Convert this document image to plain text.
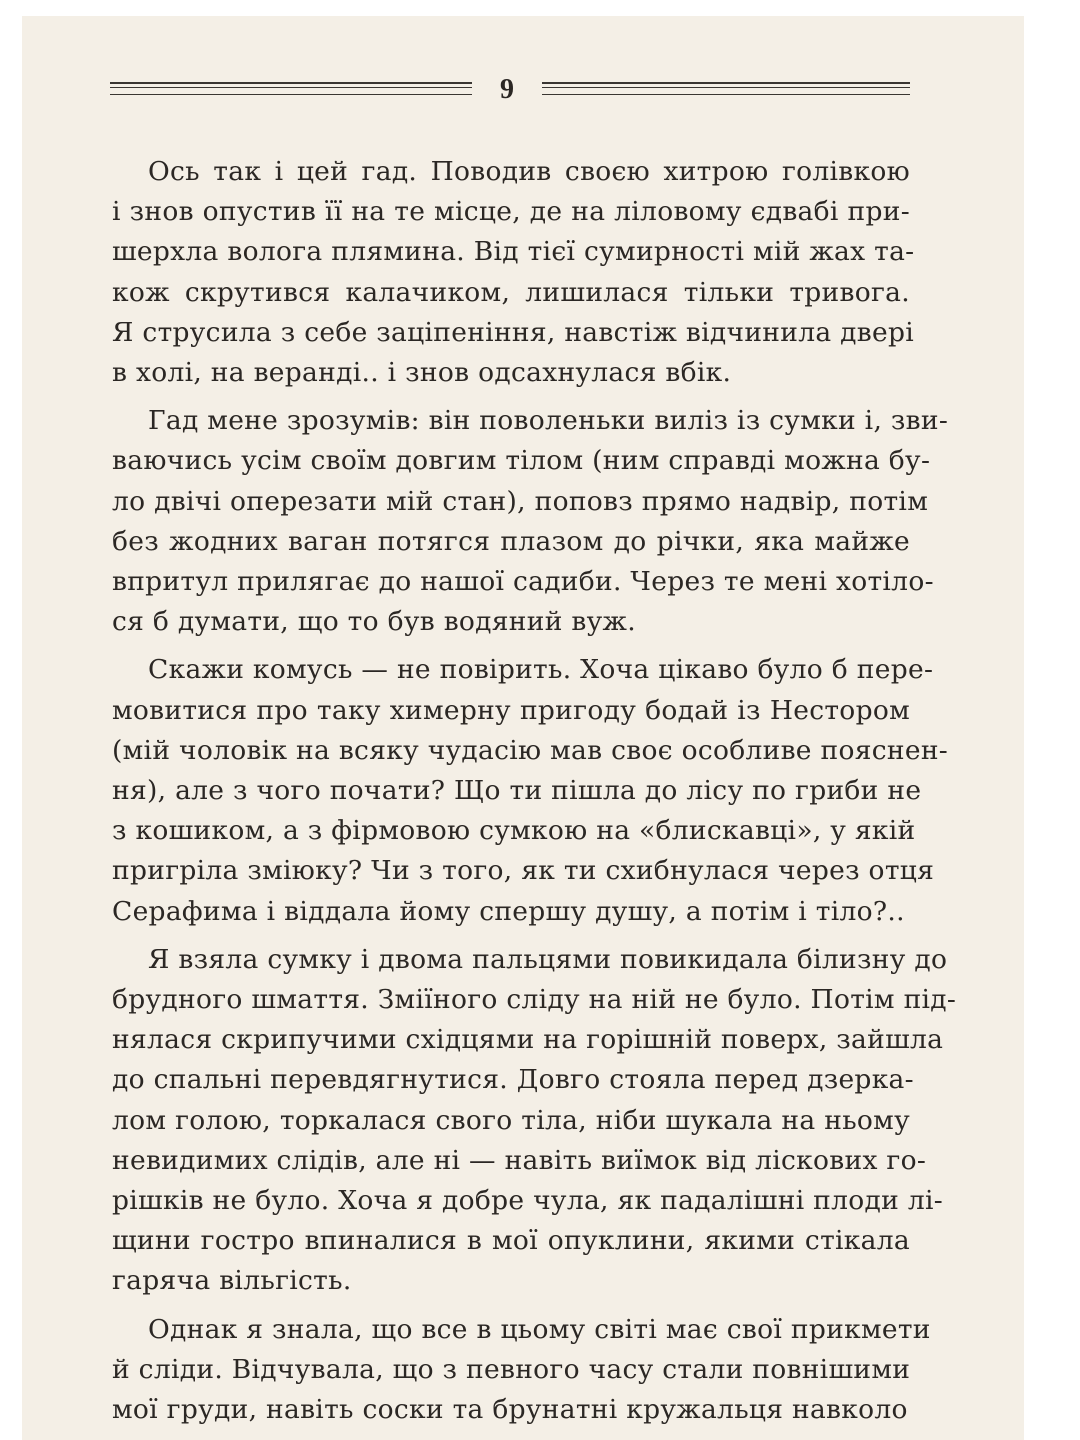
9
Ось так і цей гад. Поводив своєю хитрою голівкою
і знов опустив її на те місце, де на ліловому єдвабі при-
шерхла волога плямина. Від тієї сумирності мій жах та-
кож скрутився калачиком, лишилася тільки тривога.
Я струсила з себе заціпеніння, навстіж відчинила двері
в холі, на веранді.. і знов одсахнулася вбік.
Гад мене зрозумів: він поволеньки виліз із сумки і, зви-
ваючись усім своїм довгим тілом (ним справді можна бу-
ло двічі оперезати мій стан), поповз прямо надвір, потім
без жодних ваган потягся плазом до річки, яка майже
впритул прилягає до нашої садиби. Через те мені хотіло-
ся б думати, що то був водяний вуж.
Скажи комусь — не повірить. Хоча цікаво було б пере-
мовитися про таку химерну пригоду бодай із Нестором
(мій чоловік на всяку чудасію мав своє особливе пояснен-
ня), але з чого почати? Що ти пішла до лісу по гриби не
з кошиком, а з фірмовою сумкою на «блискавці», у якій
пригріла зміюку? Чи з того, як ти схибнулася через отця
Серафима і віддала йому спершу душу, а потім і тіло?..
Я взяла сумку і двома пальцями повикидала білизну до
брудного шмаття. Зміїного сліду на ній не було. Потім під-
нялася скрипучими східцями на горішній поверх, зайшла
до спальні перевдягнутися. Довго стояла перед дзеркa-
лом голою, торкалася свого тіла, ніби шукала на ньому
невидимих слідів, але ні — навіть виїмок від ліскових го-
рішків не було. Хоча я добре чула, як падалішні плоди лі-
щини гостро впиналися в мої опуклини, якими стікала
гаряча вільгість.
Однак я знала, що все в цьому світі має свої прикмети
й сліди. Відчувала, що з певного часу стали повнішими
мої груди, навіть соски та брунатні кружальця навколо
